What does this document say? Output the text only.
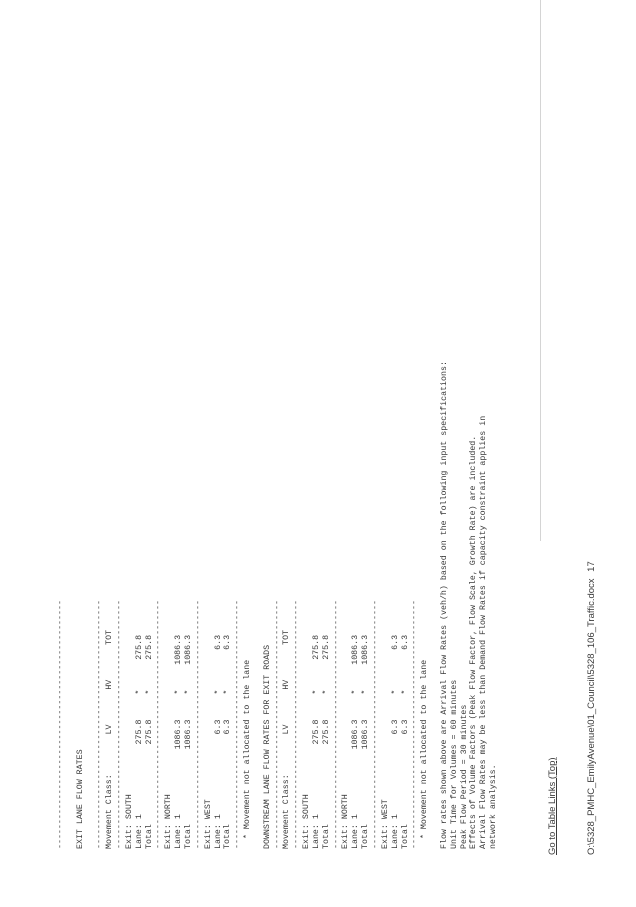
--------------------------------------------------

EXIT LANE FLOW RATES

--------------------------------------------------
Movement Class:        LV       HV       TOT
--------------------------------------------------
Exit: SOUTH
Lane: 1              275.8     *      275.8
Total                275.8     *      275.8
--------------------------------------------------
Exit: NORTH
Lane: 1             1086.3     *     1086.3
Total               1086.3     *     1086.3
--------------------------------------------------
Exit: WEST
Lane: 1                6.3     *        6.3
Total                  6.3     *        6.3
--------------------------------------------------
* Movement not allocated to the lane

DOWNSTREAM LANE FLOW RATES FOR EXIT ROADS
--------------------------------------------------
Movement Class:        LV       HV       TOT
--------------------------------------------------
Exit: SOUTH
Lane: 1              275.8     *      275.8
Total                275.8     *      275.8
--------------------------------------------------
Exit: NORTH
Lane: 1             1086.3     *     1086.3
Total               1086.3     *     1086.3
--------------------------------------------------
Exit: WEST
Lane: 1                6.3     *        6.3
Total                  6.3     *        6.3
--------------------------------------------------
* Movement not allocated to the lane

Flow rates shown above are Arrival Flow Rates (veh/h) based on the following input specifications:
Unit Time for Volumes = 60 minutes
Peak Flow Period = 30 minutes
Effects of Volume Factors (Peak Flow Factor, Flow Scale, Growth Rate) are included.
Arrival Flow Rates may be less than Demand Flow Rates if capacity constraint applies in
network analysis.	Go to Table Links (Top)	O:\5328_PMHC_EmilyAvenue\01_Council\5328_106_Traffic.docx 17
